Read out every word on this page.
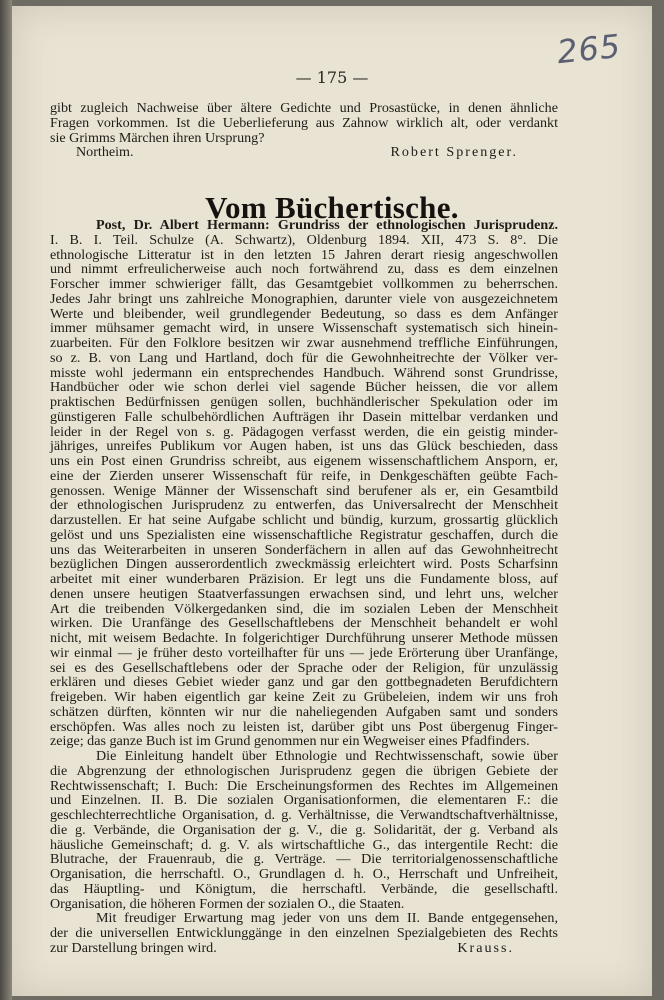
265
— 175 —
gibt zugleich Nachweise über ältere Gedichte und Prosastücke, in denen ähnliche
Fragen vorkommen. Ist die Ueberlieferung aus Zahnow wirklich alt, oder verdankt
sie Grimms Märchen ihren Ursprung?
Northeim.	Robert Sprenger.
Vom Büchertische.
Post, Dr. Albert Hermann: Grundriss der ethnologischen Jurisprudenz.
I. B. I. Teil. Schulze (A. Schwartz), Oldenburg 1894. XII, 473 S. 8°. Die
ethnologische Litteratur ist in den letzten 15 Jahren derart riesig angeschwollen
und nimmt erfreulicherweise auch noch fortwährend zu, dass es dem einzelnen
Forscher immer schwieriger fällt, das Gesamtgebiet vollkommen zu beherrschen.
Jedes Jahr bringt uns zahlreiche Monographien, darunter viele von ausgezeichnetem
Werte und bleibender, weil grundlegender Bedeutung, so dass es dem Anfänger
immer mühsamer gemacht wird, in unsere Wissenschaft systematisch sich hinein-
zuarbeiten. Für den Folklore besitzen wir zwar ausnehmend treffliche Einführungen,
so z. B. von Lang und Hartland, doch für die Gewohnheitrechte der Völker ver-
misste wohl jedermann ein entsprechendes Handbuch. Während sonst Grundrisse,
Handbücher oder wie schon derlei viel sagende Bücher heissen, die vor allem
praktischen Bedürfnissen genügen sollen, buchhändlerischer Spekulation oder im
günstigeren Falle schulbehördlichen Aufträgen ihr Dasein mittelbar verdanken und
leider in der Regel von s. g. Pädagogen verfasst werden, die ein geistig minder-
jähriges, unreifes Publikum vor Augen haben, ist uns das Glück beschieden, dass
uns ein Post einen Grundriss schreibt, aus eigenem wissenschaftlichem Ansporn, er,
eine der Zierden unserer Wissenschaft für reife, in Denkgeschäften geübte Fach-
genossen. Wenige Männer der Wissenschaft sind berufener als er, ein Gesamtbild
der ethnologischen Jurisprudenz zu entwerfen, das Universalrecht der Menschheit
darzustellen. Er hat seine Aufgabe schlicht und bündig, kurzum, grossartig glücklich
gelöst und uns Spezialisten eine wissenschaftliche Registratur geschaffen, durch die
uns das Weiterarbeiten in unseren Sonderfächern in allen auf das Gewohnheitrecht
bezüglichen Dingen ausserordentlich zweckmässig erleichtert wird. Posts Scharfsinn
arbeitet mit einer wunderbaren Präzision. Er legt uns die Fundamente bloss, auf
denen unsere heutigen Staatverfassungen erwachsen sind, und lehrt uns, welcher
Art die treibenden Völkergedanken sind, die im sozialen Leben der Menschheit
wirken. Die Uranfänge des Gesellschaftlebens der Menschheit behandelt er wohl
nicht, mit weisem Bedachte. In folgerichtiger Durchführung unserer Methode müssen
wir einmal — je früher desto vorteilhafter für uns — jede Erörterung über Uranfänge,
sei es des Gesellschaftlebens oder der Sprache oder der Religion, für unzulässig
erklären und dieses Gebiet wieder ganz und gar den gottbegnadeten Berufdichtern
freigeben. Wir haben eigentlich gar keine Zeit zu Grübeleien, indem wir uns froh
schätzen dürften, könnten wir nur die naheliegenden Aufgaben samt und sonders
erschöpfen. Was alles noch zu leisten ist, darüber gibt uns Post übergenug Finger-
zeige; das ganze Buch ist im Grund genommen nur ein Wegweiser eines Pfadfinders.
Die Einleitung handelt über Ethnologie und Rechtwissenschaft, sowie über
die Abgrenzung der ethnologischen Jurisprudenz gegen die übrigen Gebiete der
Rechtwissenschaft; I. Buch: Die Erscheinungsformen des Rechtes im Allgemeinen
und Einzelnen. II. B. Die sozialen Organisationformen, die elementaren F.: die
geschlechterrechtliche Organisation, d. g. Verhältnisse, die Verwandtschaftverhältnisse,
die g. Verbände, die Organisation der g. V., die g. Solidarität, der g. Verband als
häusliche Gemeinschaft; d. g. V. als wirtschaftliche G., das intergentile Recht: die
Blutrache, der Frauenraub, die g. Verträge. — Die territorialgenossenschaftliche
Organisation, die herrschaftl. O., Grundlagen d. h. O., Herrschaft und Unfreiheit,
das Häuptling- und Königtum, die herrschaftl. Verbände, die gesellschaftl.
Organisation, die höheren Formen der sozialen O., die Staaten.
Mit freudiger Erwartung mag jeder von uns dem II. Bande entgegensehen,
der die universellen Entwicklunggänge in den einzelnen Spezialgebieten des Rechts
zur Darstellung bringen wird.	Krauss.
